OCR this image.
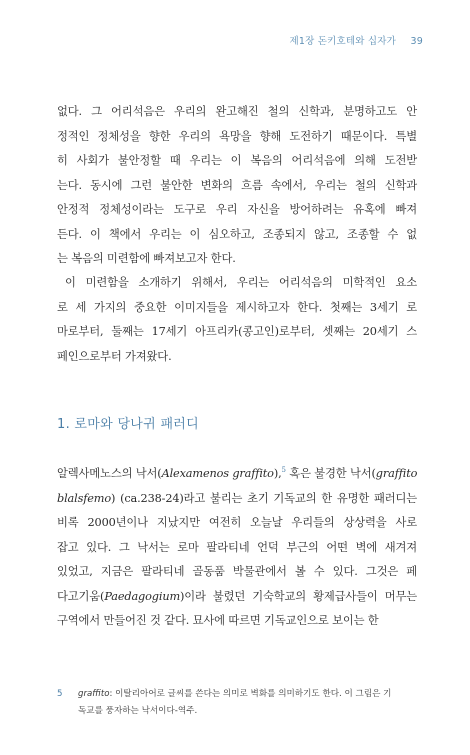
제1장 돈키호테와 십자가 39
없다. 그 어리석음은 우리의 완고해진 철의 신학과, 분명하고도 안
정적인 정체성을 향한 우리의 욕망을 향해 도전하기 때문이다. 특별
히 사회가 불안정할 때 우리는 이 복음의 어리석음에 의해 도전받
는다. 동시에 그런 불안한 변화의 흐름 속에서, 우리는 철의 신학과
안정적 정체성이라는 도구로 우리 자신을 방어하려는 유혹에 빠져
든다. 이 책에서 우리는 이 심오하고, 조종되지 않고, 조종할 수 없
는 복음의 미련함에 빠져보고자 한다.
이 미련함을 소개하기 위해서, 우리는 어리석음의 미학적인 요소
로 세 가지의 중요한 이미지들을 제시하고자 한다. 첫째는 3세기 로
마로부터, 둘째는 17세기 아프리카(콩고인)로부터, 셋째는 20세기 스
페인으로부터 가져왔다.
1. 로마와 당나귀 패러디
알렉사메노스의 낙서(Alexamenos graffito),$^5$ 혹은 불경한 낙서(graffito
blalsfemo) (ca.238-24)라고 불리는 초기 기독교의 한 유명한 패러디는
비록 2000년이나 지났지만 여전히 오늘날 우리들의 상상력을 사로
잡고 있다. 그 낙서는 로마 팔라티네 언덕 부근의 어떤 벽에 새겨져
있었고, 지금은 팔라티네 골동품 박물관에서 볼 수 있다. 그것은 페
다고기움(Paedagogium)이라 불렸던 기숙학교의 황제급사들이 머무는
구역에서 만들어진 것 같다. 묘사에 따르면 기독교인으로 보이는 한
5 graffito: 이탈리아어로 글씨를 쓴다는 의미로 벽화를 의미하기도 한다. 이 그림은 기
독교를 풍자하는 낙서이다-역주.
